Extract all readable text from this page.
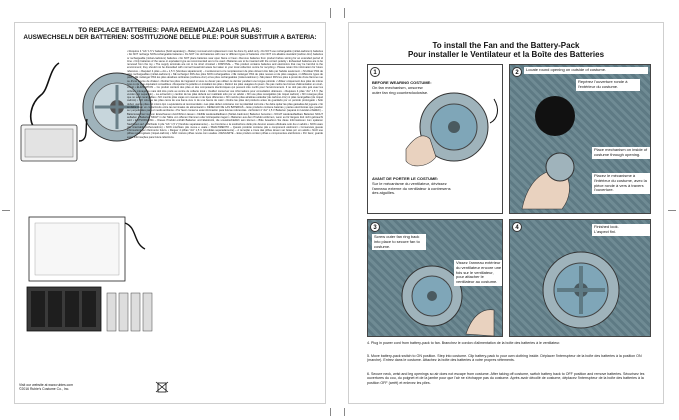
TO REPLACE BATTERIES: PARA REEMPLAZAR LAS PILAS:
AUSWECHSELN DER BATTERIEN: SOSTITUZIONE DELLE PILE: POUR SUBSTITUIR A BATERIA:
• Requires 4 "AA" 1.5 V batteries (Sold separately) – Battery removal and replacement must be done by adult only • Do NOT use rechargeable (nickel-cadmium) batteries • Do NOT recharge NON-rechargeable batteries • Do NOT mix old batteries with new or different types of batteries • Do NOT mix alkaline standard (carbon-zinc) batteries or rechargeable (nickel-cadmium) batteries • Do NOT place batteries near open flame or heat • Remove batteries from product before storing for an extended period of time • Only batteries of the same or equivalent type as recommended are to be used • Batteries are to be inserted with the correct polarity • Exhausted batteries are to be removed from the toy • The supply terminals are not to be short circuited • DISPOSAL – This product contains batteries and electronics that may be harmful to the environment; they should not be discarded with normal household waste but taken to your local collection centre for recycling • Please retain this information for future reference. • Requiert 4 piles « AA » 1,5 V (Vendues séparément) – L'enlèvement et le remplacement de piles doivent être faits par l'adulte seulement. • N'utilisez PAS de piles rechargeables (nickel-cadmium) • NE rechargez PAS des piles NON rechargeables • NE mélangez PAS de piles neuves et de piles usagées, ni différents types de piles • NE mélangez PAS les piles alcalines ordinaires (carbone-zinc) et les piles rechargeables (nickel-cadmium) • NE placez PAS les piles à proximité d'une flamme nue ou d'une source de chaleur • Retirez les piles de l'appareil si vous ne devez pas utiliser ce dernier pendant une longue période • Utiliser uniquement des piles de même type ou de type équivalent conseillées • Respectez la polarité en installant les piles • Retirez les piles usagées du jouet • Ne pas mettre les bornes d'alimentation en court-circuit • ÉLIMINATION – Ce produit contient des piles et des composants électroniques qui peuvent être nocifs pour l'environnement. Il ne doit pas être jeté avec les ordures ménagères mais doit être porté au centre de collecte local • Veuillez conserver ces informations pour consultation ultérieure. • Requiere 4 pilas "AA" 1.5 V (Se venden por separado) – La extracción y cambio de las pilas deberá ser realizado sólo por un adulto • NO use pilas recargables (de níquel cadmio) • NO recargue pilas que no sean recargables • NO mezcle pilas viejas con nuevas ni de tipos diferentes • NO mezcle pilas alcalinas estándar (de carbono-zinc) ni pilas recargables (de níquel cadmio) • NO coloque las pilas cerca de una llama viva ni de una fuente de calor • Retire las pilas del producto antes de guardarlo por un período prolongado • Sólo deben usarse pilas del mismo tipo o equivalente al recomendado • Las pilas deben colocarse con la polaridad correcta • Se debe quitar las pilas gastadas del juguete • No se debe crear un cortocircuito entre las terminales de alimentación • DESECHO DE LAS BATERIAS – Este producto contiene baterías y partes electrónicas que pueden ser perjudiciales para el medio ambiente • Por favor conserve esta información para futuras referencias. • Erfordert 4 "AA" 1,5 V Batterien (separat im Handel erhältlich) – Batteriewechsel nur von Erwachsenen durchführen lassen • KEINE wiederaufladbaren (Nickel-Cadmium) Batterien benutzen • NICHT wiederaufladbare Batterien NICHT aufladen • Batterien NICHT in der Nähe von offenen Flammen oder Hitzequellen lagern • Batterien aus dem Produkt entfernen, wenn es für längere Zeit nicht gebraucht wird • ENTSORGUNG – Dieses Produkt enthält Batterien und Elektronik, die umweltschädlich sein können • Bitte bewahren Sie diese Informationen zum späteren Nachlesen auf. • Richiede 4 pile "AA" 1,5 V (Vendute separatamente) – La rimozione e la sostituzione delle pile devono essere effettuate solo da un adulto • NON usare pile ricaricabili (nichel-cadmio) • NON mischiare pile nuove e usate • SMALTIMENTO – Questo prodotto contiene pile e componenti elettronici • Conservare queste informazioni per riferimento futuro. • Requer 4 pilhas "AA" 1,5 V (Vendidas separadamente) – A remoção e troca das pilhas devem ser feitas por um adulto • NÃO use pilhas recarregáveis (níquel-cádmio) • NÃO misture pilhas novas com usadas • DESCARTE – Este produto contém pilhas e componentes eletrônicos • Por favor, guarde estas informações para futura referência.
Visit our website at www.rubies.com
©2016 Rubie's Costume Co., Inc.
To install the Fan and the Battery-Pack
Pour installer le Ventilateur et la Boîte des Batteries
1
BEFORE WEARING COSTUME:
On fan mechanism, unscrew outer fan ring counterclockwise.
AVANT DE PORTER LE COSTUME:
Sur le mécanisme du ventilateur, dévissez l'anneau externe du ventilateur à contresens des aiguilles.
2
Locate round opening on outside of costume.
Repérez l'ouverture ronde à l'extérieur du costume.
Place mechanism on inside of costume through opening.
Placez le mécanisme à l'intérieur du costume, avec la pièce ronde à vers à travers l'ouverture.
3
Screw outer fan ring back into place to secure fan to costume.
Vissez l'anneau extérieur du ventilateur encore une fois sur le ventilateur, pour attacher le ventilateur au costume.
4	Finished look.
L'aspect fini.
4. Plug in power cord from battery-pack to fan. Branchez le cordon d'alimentation de la boîte des batteries à le ventilateur.
5. Move battery-pack switch to ON position. Step into costume. Clip battery-pack to your own clothing inside. Déplacer l'interrupteur de la boîte des batteries à la position ON (marche). Entrez dans le costume. Attachez la boîte des batteries à votre propres vêtements.
6. Secure neck, wrist and leg openings so air does not escape from costume. After taking off costume, switch battery back to OFF position and remove batteries. Sécurisez les ouvertures du cou, du poignet et de la jambe pour que l'air ne s'échappe pas du costume. Après avoir décollé de costume, déplacez l'interrupteur de la boîte des batteries à la position OFF (arrêt) et enlevez les piles.
